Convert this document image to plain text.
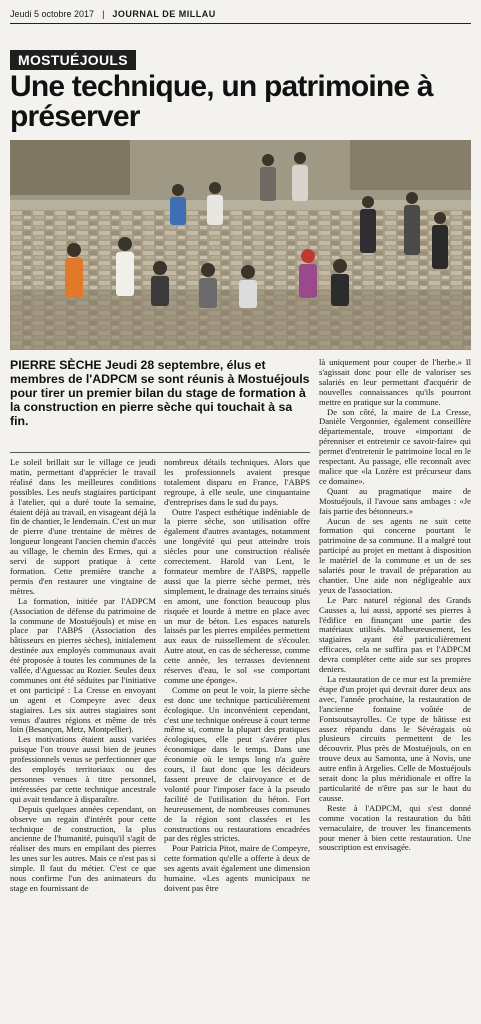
Jeudi 5 octobre 2017 | JOURNAL DE MILLAU
MOSTUÉJOULS
Une technique, un patrimoine à préserver
PIERRE SÈCHE Jeudi 28 septembre, élus et membres de l'ADPCM se sont réunis à Mostuéjouls pour tirer un premier bilan du stage de formation à la construction en pierre sèche qui touchait à sa fin.

Le soleil brillait sur le village ce jeudi matin, permettant d'apprécier le travail réalisé dans les meilleures conditions possibles. Les neufs stagiaires participant à l'atelier, qui a duré toute la semaine, étaient déjà au travail, en visageant déjà la fin de chantier, le lendemain. C'est un mur de pierre d'une trentaine de mètres de longueur longeant l'ancien chemin d'accès au village, le chemin des Ermes, qui a servi de support pratique à cette formation. Cette première tranche a permis d'en restaurer une vingtaine de mètres.

La formation, initiée par l'ADPCM (Association de défense du patrimoine de la commune de Mostuéjouls) et mise en place par l'ABPS (Association des bâtisseurs en pierres sèches), initialement destinée aux employés communaux avait été proposée à toutes les communes de la vallée, d'Aguessac au Rozier. Seules deux communes ont été séduites par l'initiative et ont participé : La Cresse en envoyant un agent et Compeyre avec deux stagiaires. Les six autres stagiaires sont venus d'autres régions et même de très loin (Besançon, Metz, Montpellier).

Les motivations étaient aussi variées puisque l'on trouve aussi bien de jeunes professionnels venus se perfectionner que des employés territoriaux ou des personnes venues à titre personnel, intéressées par cette technique ancestrale qui avait tendance à disparaître.

Depuis quelques années cependant, on observe un regain d'intérêt pour cette technique de construction, la plus ancienne de l'humanité, puisqu'il s'agit de réaliser des murs en empilant des pierres les unes sur les autres. Mais ce n'est pas si simple. Il faut du métier. C'est ce que nous confirme l'un des animateurs du stage en fournissant de

nombreux détails techniques. Alors que les professionnels avaient presque totalement disparu en France, l'ABPS regroupe, à elle seule, une cinquantaine d'entreprises dans le sud du pays.

Outre l'aspect esthétique indéniable de la pierre sèche, son utilisation offre également d'autres avantages, notamment une longévité qui peut atteindre trois siècles pour une construction réalisée correctement. Harold van Lent, le formateur membre de l'ABPS, rappelle aussi que la pierre sèche permet, très simplement, le drainage des terrains situés en amont, une fonction beaucoup plus risquée et lourde à mettre en place avec un mur de béton. Les espaces naturels laissés par les pierres empilées permettent aux eaux de ruissellement de s'écouler. Autre atout, en cas de sécheresse, comme cette année, les terrasses deviennent réserves d'eau, le sol «se comportant comme une éponge».

Comme on peut le voir, la pierre sèche est donc une technique particulièrement écologique. Un inconvénient cependant, c'est une technique onéreuse à court terme même si, comme la plupart des pratiques écologiques, elle peut s'avérer plus économique dans le temps. Dans une économie où le temps long n'a guère cours, il faut donc que les décideurs fassent preuve de clairvoyance et de volonté pour l'imposer face à la pseudo facilité de l'utilisation du béton. Fort heureusement, de nombreuses communes de la région sont classées et les constructions ou restaurations encadrées par des règles strictes.

Pour Patricia Pitot, maire de Compeyre, cette formation qu'elle a offerte à deux de ses agents avait également une dimension humaine. «Les agents municipaux ne doivent pas être

là uniquement pour couper de l'herbe.» Il s'agissait donc pour elle de valoriser ses salariés en leur permettant d'acquérir de nouvelles connaissances qu'ils pourront mettre en pratique sur la commune.

De son côté, la maire de La Cresse, Danièle Vergonnier, également conseillère départementale, trouve «important de pérenniser et entretenir ce savoir-faire» qui permet d'entretenir le patrimoine local en le respectant. Au passage, elle reconnaît avec malice que «la Lozère est précurseur dans ce domaine».

Quant au pragmatique maire de Mostuéjouls, il l'avoue sans ambages : «Je fais partie des bétonneurs.»

Aucun de ses agents ne suit cette formation qui concerne pourtant le patrimoine de sa commune. Il a malgré tout participé au projet en mettant à disposition le matériel de la commune et un de ses salariés pour le travail de préparation au chantier. Une aide non négligeable aux yeux de l'association.

Le Parc naturel régional des Grands Causses a, lui aussi, apporté ses pierres à l'édifice en finançant une partie des matériaux utilisés. Malheureusement, les stagiaires ayant été particulièrement efficaces, cela ne suffira pas et l'ADPCM devra compléter cette aide sur ses propres deniers.

La restauration de ce mur est la première étape d'un projet qui devrait durer deux ans avec, l'année prochaine, la restauration de l'ancienne fontaine voûtée de Fontsoutsayrolles. Ce type de bâtisse est assez répandu dans le Sévéragais où plusieurs circuits permettent de les découvrir. Plus près de Mostuéjouls, on en trouve deux au Samonta, une à Novis, une autre enfin à Argelies. Celle de Mostuéjouls serait donc la plus méridionale et offre la particularité de n'être pas sur le haut du causse.

Reste à l'ADPCM, qui s'est donné comme vocation la restauration du bâti vernaculaire, de trouver les financements pour mener à bien cette restauration. Une souscription est envisagée.
